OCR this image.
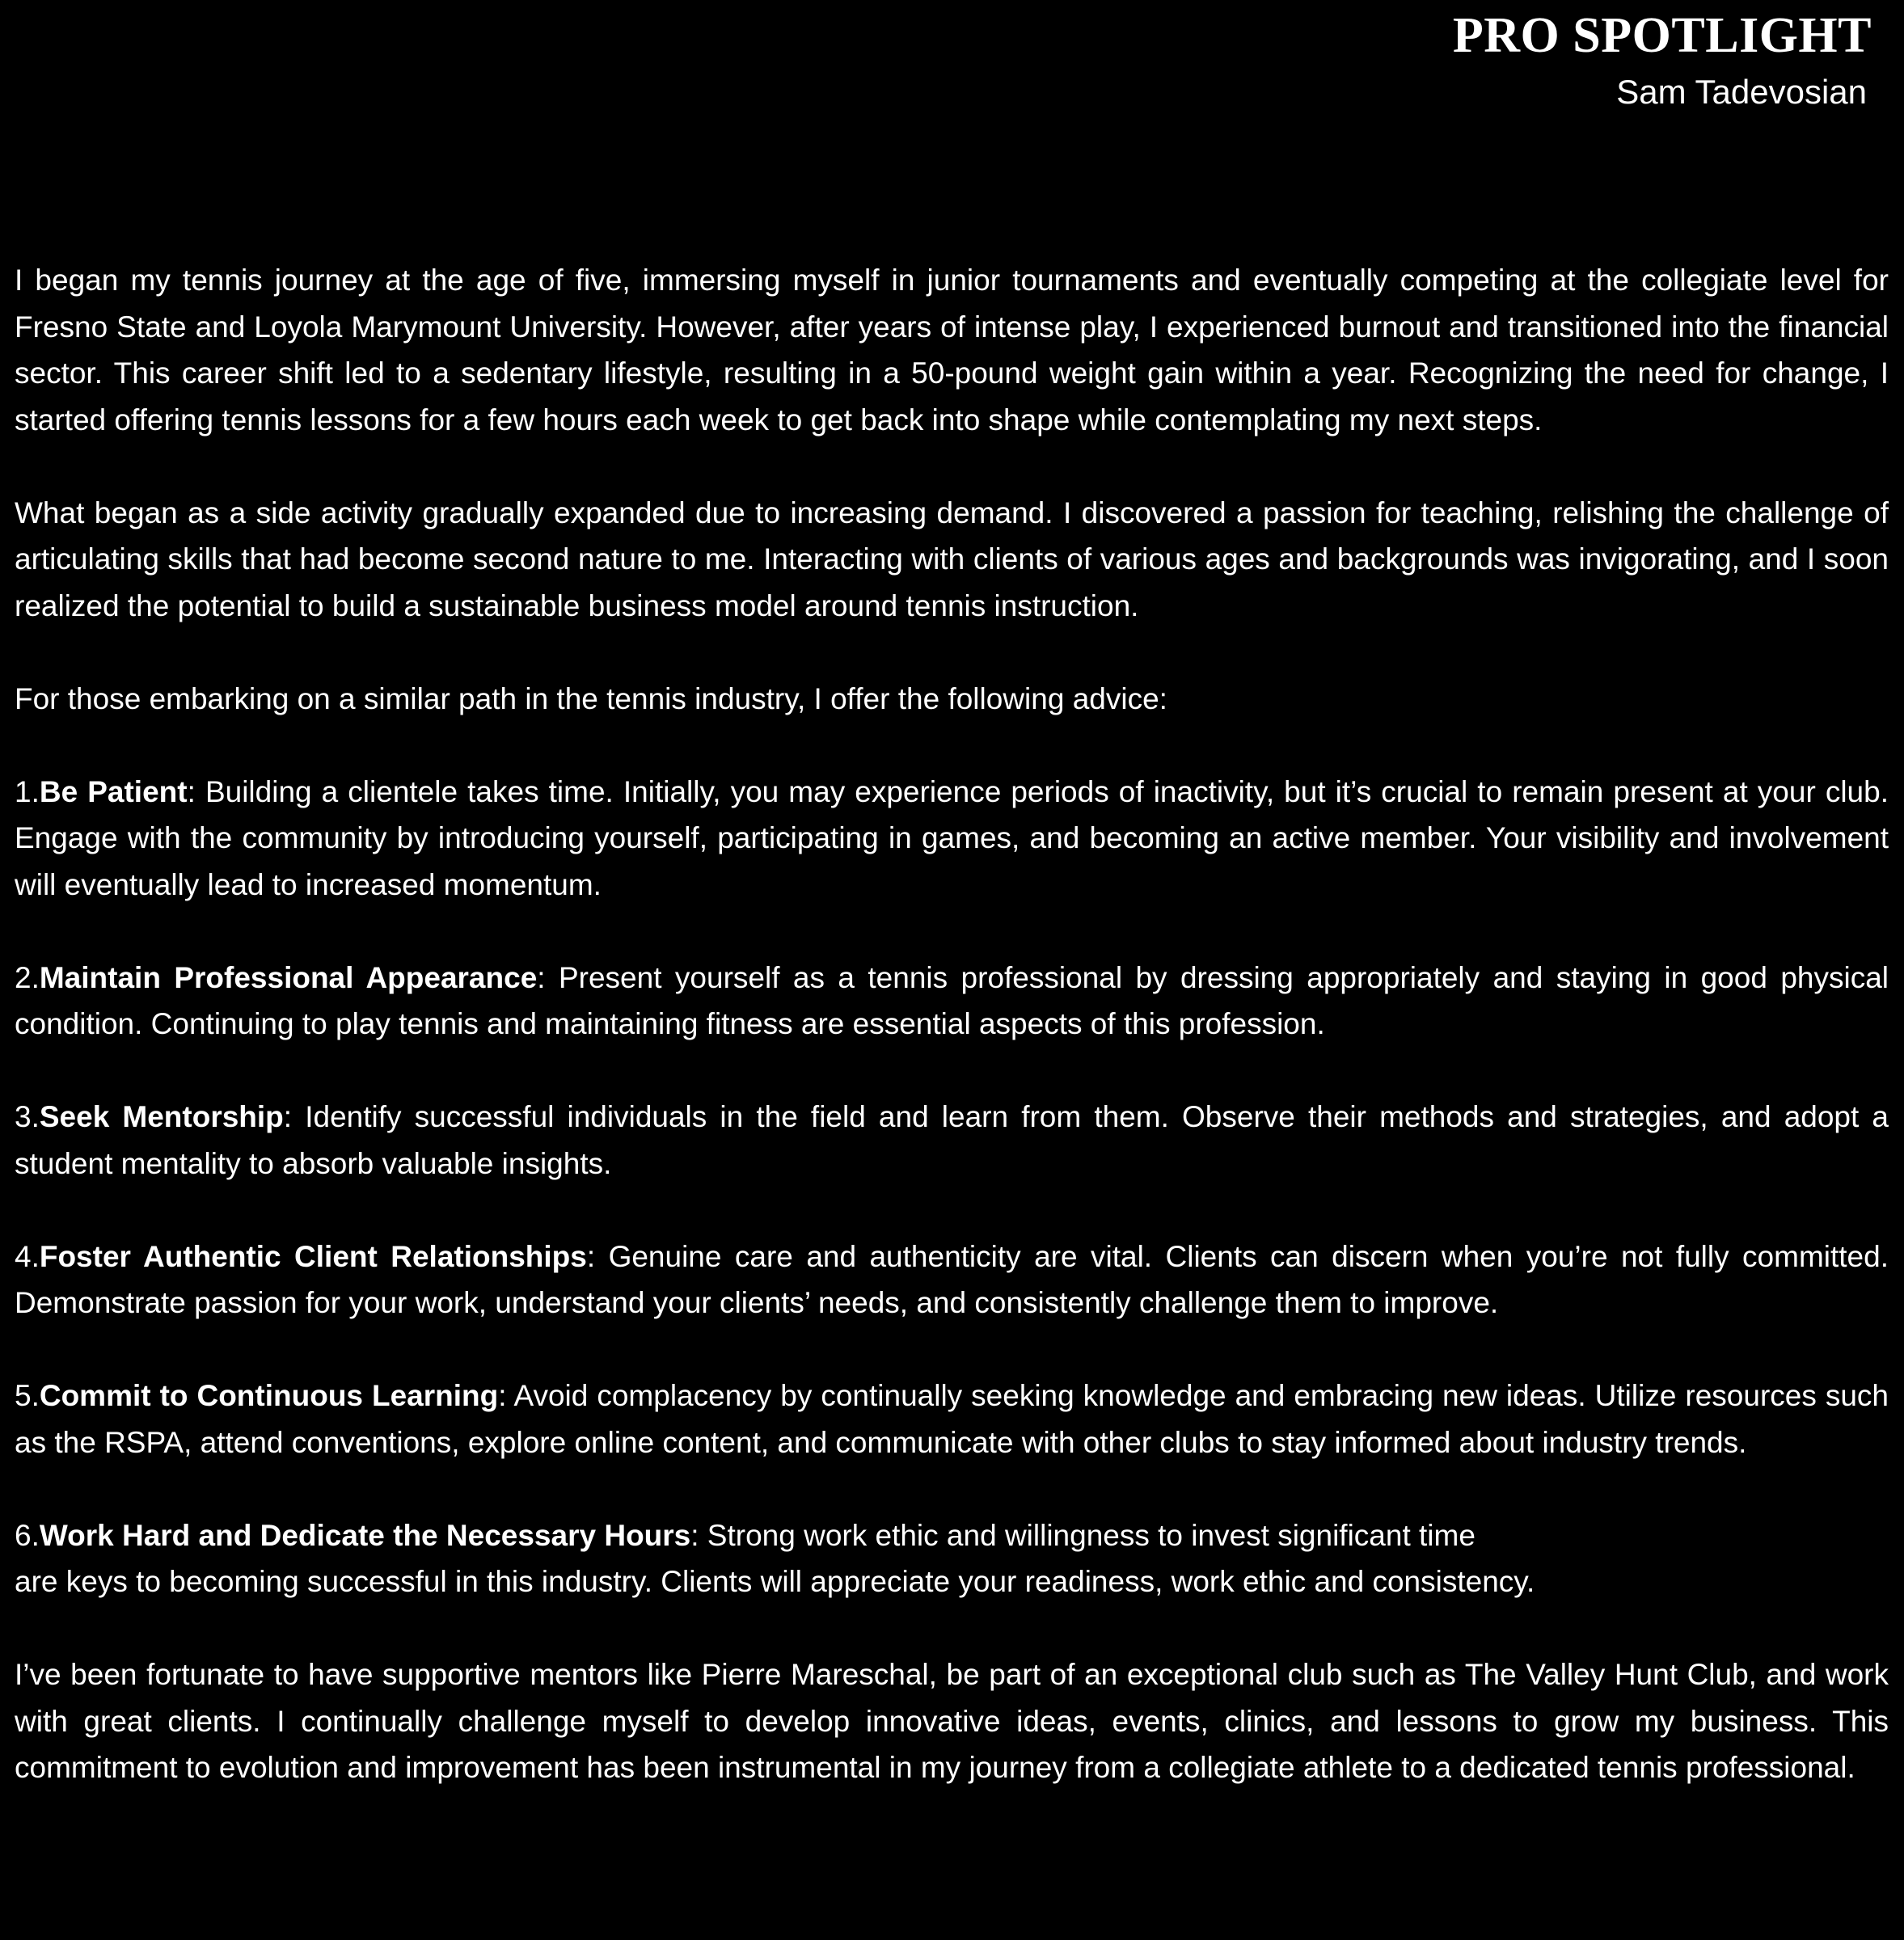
PRO SPOTLIGHT
Sam Tadevosian

I began my tennis journey at the age of five, immersing myself in junior tournaments and eventually competing at the collegiate level for Fresno State and Loyola Marymount University. However, after years of intense play, I experienced burnout and transitioned into the financial sector. This career shift led to a sedentary lifestyle, resulting in a 50-pound weight gain within a year. Recognizing the need for change, I started offering tennis lessons for a few hours each week to get back into shape while contemplating my next steps.

What began as a side activity gradually expanded due to increasing demand. I discovered a passion for teaching, relishing the challenge of articulating skills that had become second nature to me. Interacting with clients of various ages and backgrounds was invigorating, and I soon realized the potential to build a sustainable business model around tennis instruction.

For those embarking on a similar path in the tennis industry, I offer the following advice:

1.Be Patient: Building a clientele takes time. Initially, you may experience periods of inactivity, but it’s crucial to remain present at your club. Engage with the community by introducing yourself, participating in games, and becoming an active member. Your visibility and involvement will eventually lead to increased momentum.

2.Maintain Professional Appearance: Present yourself as a tennis professional by dressing appropriately and staying in good physical condition. Continuing to play tennis and maintaining fitness are essential aspects of this profession.

3.Seek Mentorship: Identify successful individuals in the field and learn from them. Observe their methods and strategies, and adopt a student mentality to absorb valuable insights.

4.Foster Authentic Client Relationships: Genuine care and authenticity are vital. Clients can discern when you’re not fully committed. Demonstrate passion for your work, understand your clients’ needs, and consistently challenge them to improve.

5.Commit to Continuous Learning: Avoid complacency by continually seeking knowledge and embracing new ideas. Utilize resources such as the RSPA, attend conventions, explore online content, and communicate with other clubs to stay informed about industry trends.

6.Work Hard and Dedicate the Necessary Hours: Strong work ethic and willingness to invest significant time
are keys to becoming successful in this industry. Clients will appreciate your readiness, work ethic and consistency.

I’ve been fortunate to have supportive mentors like Pierre Mareschal, be part of an exceptional club such as The Valley Hunt Club, and work with great clients. I continually challenge myself to develop innovative ideas, events, clinics, and lessons to grow my business. This commitment to evolution and improvement has been instrumental in my journey from a collegiate athlete to a dedicated tennis professional.
